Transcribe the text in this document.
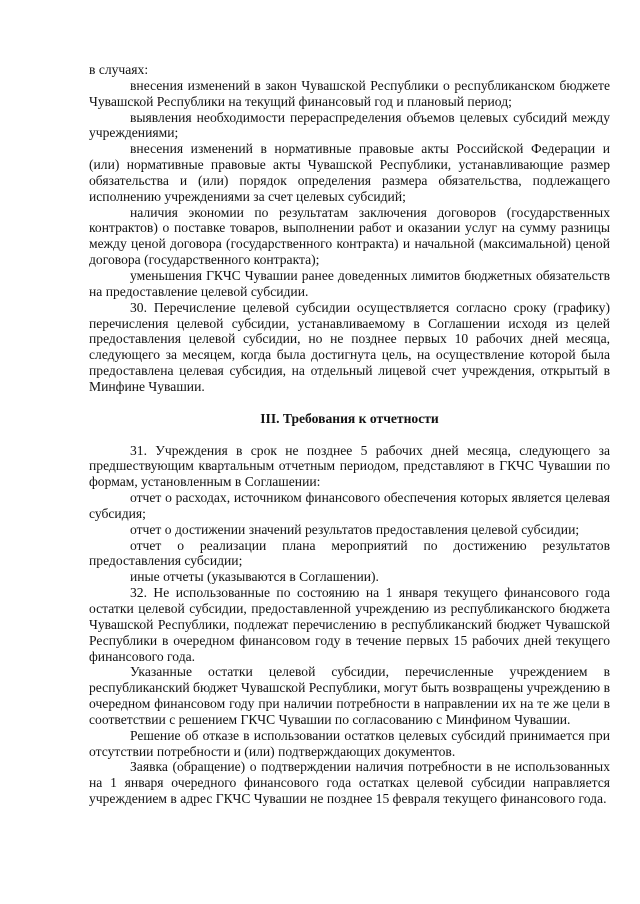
в случаях:

внесения изменений в закон Чувашской Республики о республиканском бюджете Чувашской Республики на текущий финансовый год и плановый период;

выявления необходимости перераспределения объемов целевых субсидий между учреждениями;

внесения изменений в нормативные правовые акты Российской Федерации и (или) нормативные правовые акты Чувашской Республики, устанавливающие размер обязательства и (или) порядок определения размера обязательства, подлежащего исполнению учреждениями за счет целевых субсидий;

наличия экономии по результатам заключения договоров (государственных контрактов) о поставке товаров, выполнении работ и оказании услуг на сумму разницы между ценой договора (государственного контракта) и начальной (максимальной) ценой договора (государственного контракта);

уменьшения ГКЧС Чувашии ранее доведенных лимитов бюджетных обязательств на предоставление целевой субсидии.

30. Перечисление целевой субсидии осуществляется согласно сроку (графику) перечисления целевой субсидии, устанавливаемому в Соглашении исходя из целей предоставления целевой субсидии, но не позднее первых 10 рабочих дней месяца, следующего за месяцем, когда была достигнута цель, на осуществление которой была предоставлена целевая субсидия, на отдельный лицевой счет учреждения, открытый в Минфине Чувашии.

III. Требования к отчетности

31. Учреждения в срок не позднее 5 рабочих дней месяца, следующего за предшествующим квартальным отчетным периодом, представляют в ГКЧС Чувашии по формам, установленным в Соглашении:

отчет о расходах, источником финансового обеспечения которых является целевая субсидия;

отчет о достижении значений результатов предоставления целевой субсидии;

отчет о реализации плана мероприятий по достижению результатов предоставления субсидии;

иные отчеты (указываются в Соглашении).

32. Не использованные по состоянию на 1 января текущего финансового года остатки целевой субсидии, предоставленной учреждению из республиканского бюджета Чувашской Республики, подлежат перечислению в республиканский бюджет Чувашской Республики в очередном финансовом году в течение первых 15 рабочих дней текущего финансового года.

Указанные остатки целевой субсидии, перечисленные учреждением в республиканский бюджет Чувашской Республики, могут быть возвращены учреждению в очередном финансовом году при наличии потребности в направлении их на те же цели в соответствии с решением ГКЧС Чувашии по согласованию с Минфином Чувашии.

Решение об отказе в использовании остатков целевых субсидий принимается при отсутствии потребности и (или) подтверждающих документов.

Заявка (обращение) о подтверждении наличия потребности в не использованных на 1 января очередного финансового года остатках целевой субсидии направляется учреждением в адрес ГКЧС Чувашии не позднее 15 февраля текущего финансового года.
